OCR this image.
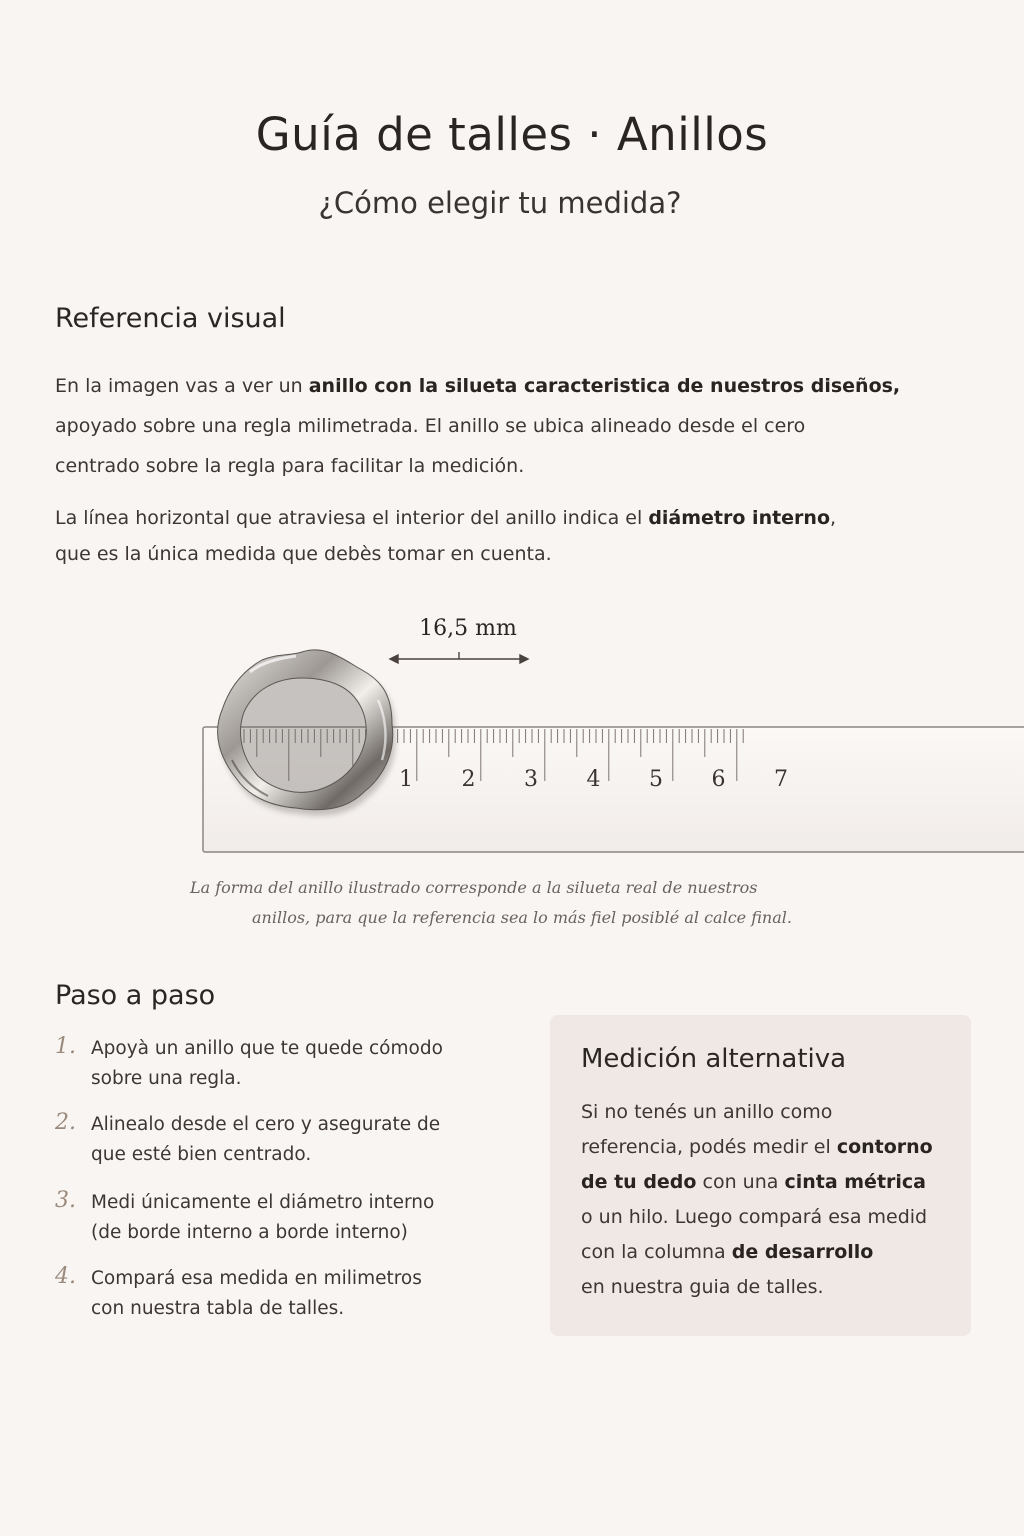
Guía de talles · Anillos
¿Cómo elegir tu medida?
Referencia visual
En la imagen vas a ver un anillo con la silueta caracteristica de nuestros diseños,
apoyado sobre una regla milimetrada. El anillo se ubica alineado desde el cero
centrado sobre la regla para facilitar la medición.
La línea horizontal que atraviesa el interior del anillo indica el diámetro interno,
que es la única medida que debès tomar en cuenta.
16,5 mm
1 2 3 4 5 6 7
La forma del anillo ilustrado corresponde a la silueta real de nuestros
anillos, para que la referencia sea lo más fiel posiblé al calce final.
Paso a paso
1. Apoyà un anillo que te quede cómodo
sobre una regla.
2. Alinealo desde el cero y asegurate de
que esté bien centrado.
3. Medi únicamente el diámetro interno
(de borde interno a borde interno)
4. Compará esa medida en milimetros
con nuestra tabla de talles.
Medición alternativa
Si no tenés un anillo como
referencia, podés medir el contorno
de tu dedo con una cinta métrica
o un hilo. Luego compará esa medid
con la columna de desarrollo
en nuestra guia de talles.
